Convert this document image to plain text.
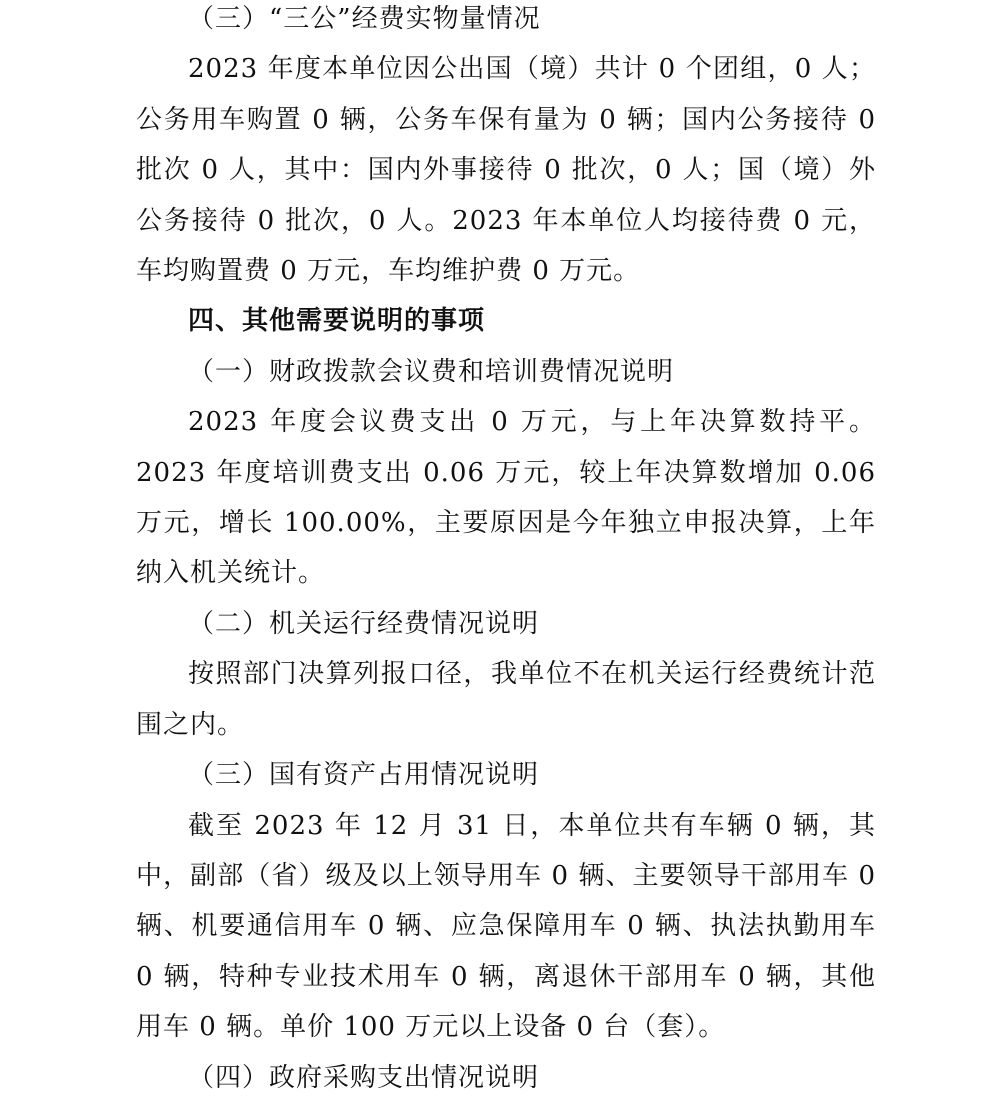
（三）“三公”经费实物量情况

2023 年度本单位因公出国（境）共计 0 个团组，0 人；公务用车购置 0 辆，公务车保有量为 0 辆；国内公务接待 0 批次 0 人，其中：国内外事接待 0 批次，0 人；国（境）外公务接待 0 批次，0 人。2023 年本单位人均接待费 0 元，车均购置费 0 万元，车均维护费 0 万元。

四、其他需要说明的事项

（一）财政拨款会议费和培训费情况说明

2023 年度会议费支出 0 万元，与上年决算数持平。2023 年度培训费支出 0.06 万元，较上年决算数增加 0.06 万元，增长 100.00%，主要原因是今年独立申报决算，上年纳入机关统计。

（二）机关运行经费情况说明

按照部门决算列报口径，我单位不在机关运行经费统计范围之内。

（三）国有资产占用情况说明

截至 2023 年 12 月 31 日，本单位共有车辆 0 辆，其中，副部（省）级及以上领导用车 0 辆、主要领导干部用车 0 辆、机要通信用车 0 辆、应急保障用车 0 辆、执法执勤用车 0 辆，特种专业技术用车 0 辆，离退休干部用车 0 辆，其他用车 0 辆。单价 100 万元以上设备 0 台（套）。

（四）政府采购支出情况说明
